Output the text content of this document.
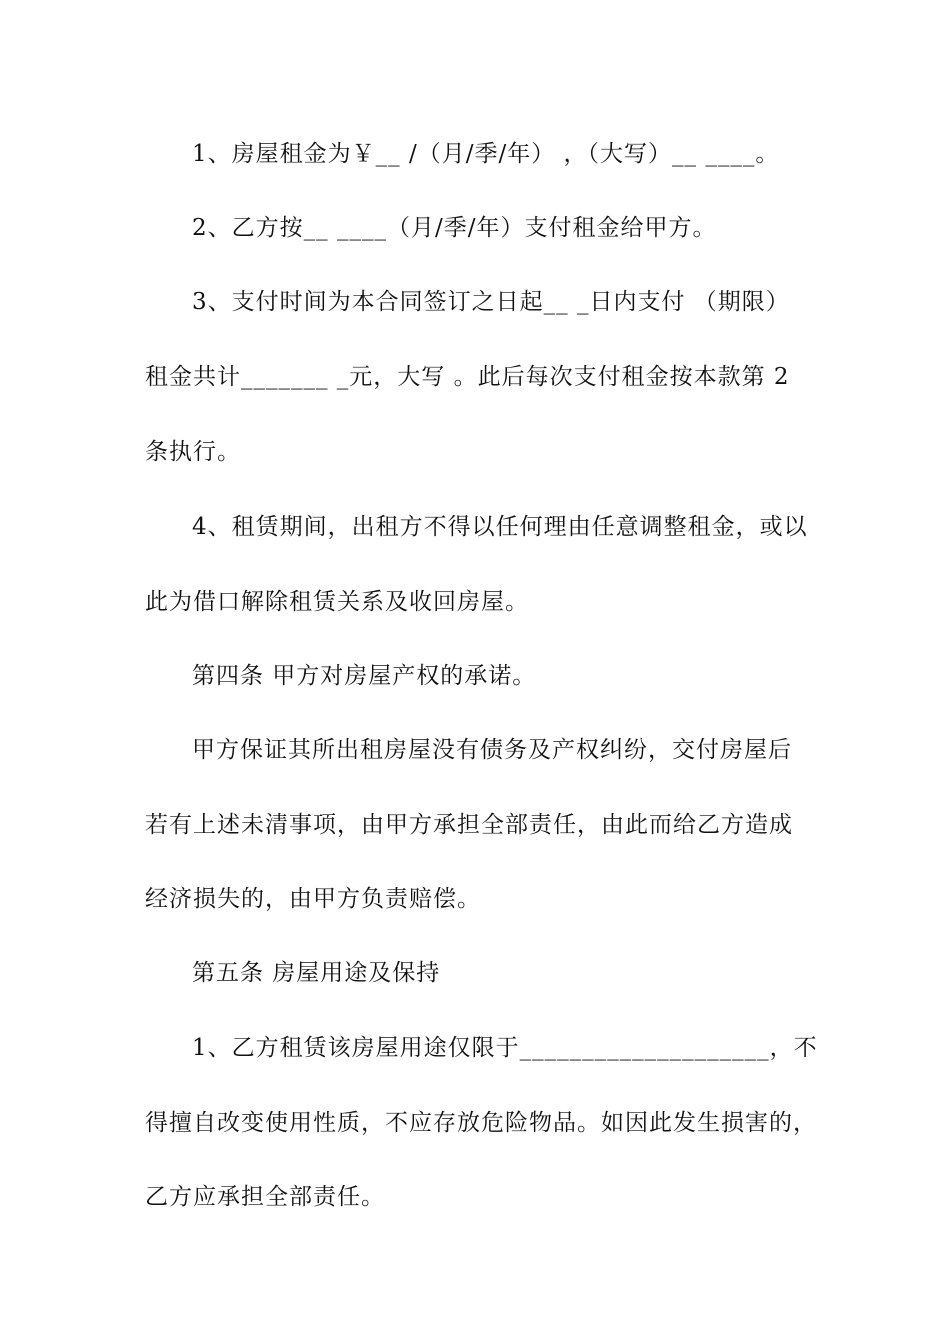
1、房屋租金为￥__ /（月/季/年） ，（大写）__ ____。
2、乙方按__ ____（月/季/年）支付租金给甲方。
3、支付时间为本合同签订之日起__ _日内支付 （期限）
租金共计_______ _元，大写 。此后每次支付租金按本款第 2
条执行。
4、租赁期间，出租方不得以任何理由任意调整租金，或以
此为借口解除租赁关系及收回房屋。
第四条 甲方对房屋产权的承诺。
甲方保证其所出租房屋没有债务及产权纠纷，交付房屋后
若有上述未清事项，由甲方承担全部责任，由此而给乙方造成
经济损失的，由甲方负责赔偿。
第五条 房屋用途及保持
1、乙方租赁该房屋用途仅限于____________________，不
得擅自改变使用性质，不应存放危险物品。如因此发生损害的，
乙方应承担全部责任。
